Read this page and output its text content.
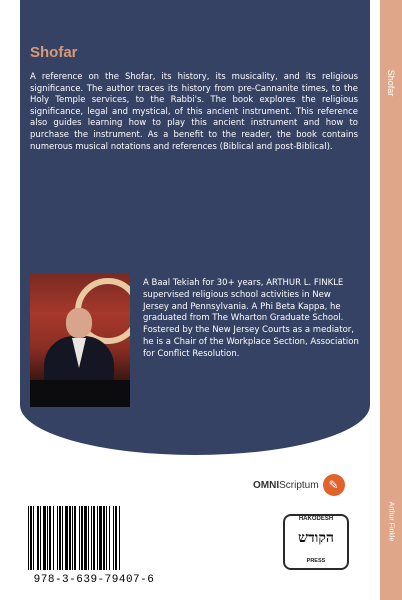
Shofar

A reference on the Shofar, its history, its musicality, and its religious significance. The author traces its history from pre-Cannanite times, to the Holy Temple services, to the Rabbi's. The book explores the religious significance, legal and mystical, of this ancient instrument. This reference also guides learning how to play this ancient instrument and how to purchase the instrument. As a benefit to the reader, the book contains numerous musical notations and references (Biblical and post-Biblical).

A Baal Tekiah for 30+ years, ARTHUR L. FINKLE supervised religious school activities in New Jersey and Pennsylvania. A Phi Beta Kappa, he graduated from The Wharton Graduate School. Fostered by the New Jersey Courts as a mediator, he is a Chair of the Workplace Section, Association for Conflict Resolution.

OMNIScriptum ✎

978-3-639-79407-6

HAKODESH
הקודש
PRESS
Shofar
Arthur Finkle
